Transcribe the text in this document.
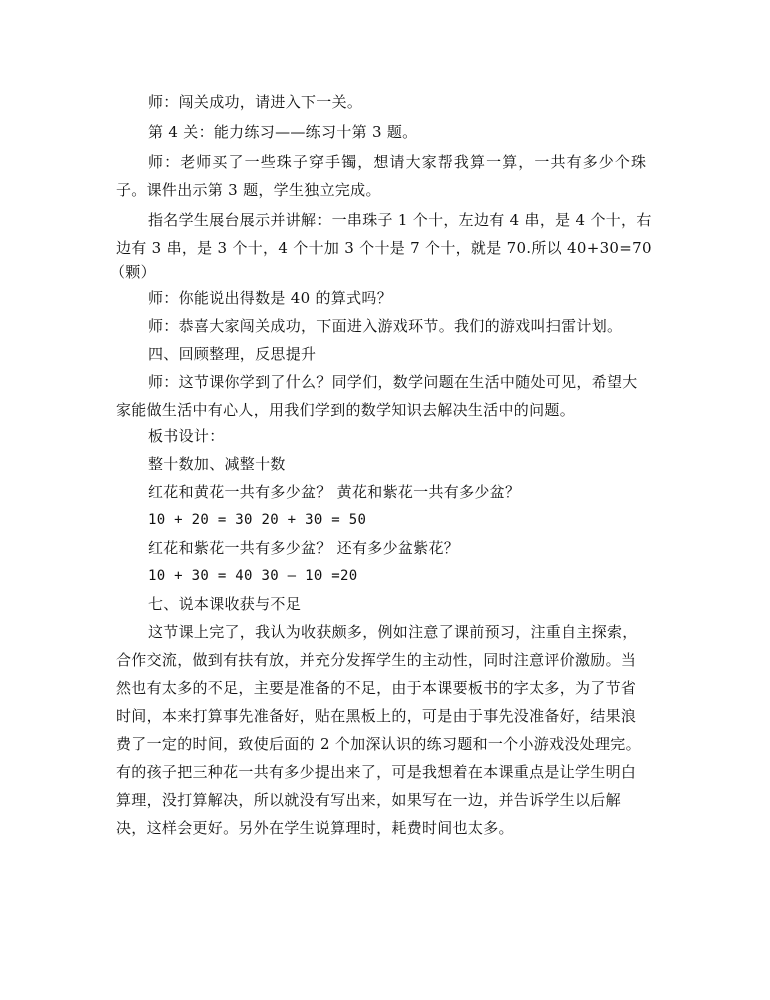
师：闯关成功，请进入下一关。
第 4 关：能力练习——练习十第 3 题。
师：老师买了一些珠子穿手镯，想请大家帮我算一算，一共有多少个珠
子。课件出示第 3 题，学生独立完成。
指名学生展台展示并讲解：一串珠子 1 个十，左边有 4 串，是 4 个十，右
边有 3 串，是 3 个十，4 个十加 3 个十是 7 个十，就是 70.所以 40+30=70
（颗）
师：你能说出得数是 40 的算式吗？
师：恭喜大家闯关成功，下面进入游戏环节。我们的游戏叫扫雷计划。
四、回顾整理，反思提升
师：这节课你学到了什么？同学们，数学问题在生活中随处可见，希望大
家能做生活中有心人，用我们学到的数学知识去解决生活中的问题。
板书设计：
整十数加、减整十数
红花和黄花一共有多少盆？ 黄花和紫花一共有多少盆？
10 + 20 = 30 20 + 30 = 50
红花和紫花一共有多少盆？ 还有多少盆紫花？
10 + 30 = 40 30 — 10 =20
七、说本课收获与不足
这节课上完了，我认为收获颇多，例如注意了课前预习，注重自主探索，
合作交流，做到有扶有放，并充分发挥学生的主动性，同时注意评价激励。当
然也有太多的不足，主要是准备的不足，由于本课要板书的字太多，为了节省
时间，本来打算事先准备好，贴在黑板上的，可是由于事先没准备好，结果浪
费了一定的时间，致使后面的 2 个加深认识的练习题和一个小游戏没处理完。
有的孩子把三种花一共有多少提出来了，可是我想着在本课重点是让学生明白
算理，没打算解决，所以就没有写出来，如果写在一边，并告诉学生以后解
决，这样会更好。另外在学生说算理时，耗费时间也太多。
